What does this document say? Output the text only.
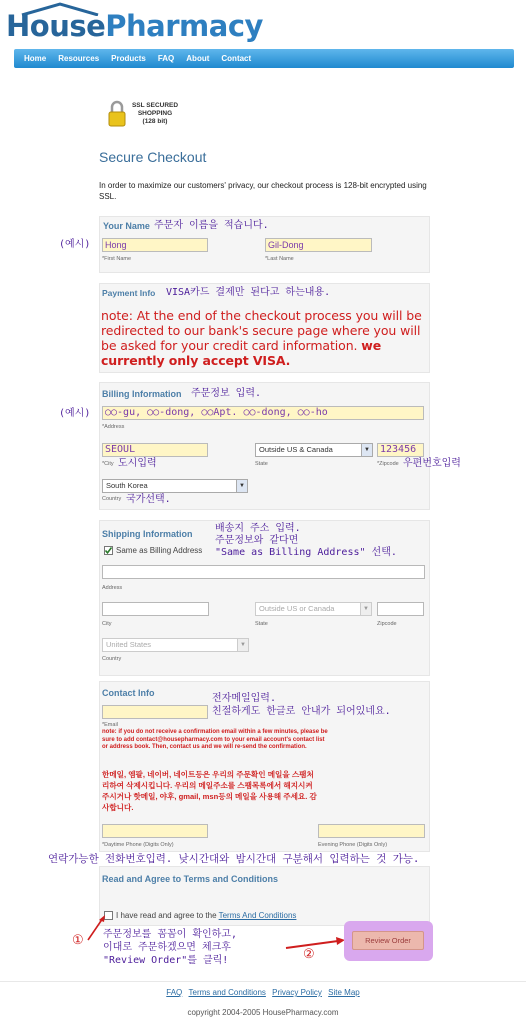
HousePharmacy
Home Resources Products FAQ About Contact
SSL SECURED
SHOPPING
(128 bit)
Secure Checkout
In order to maximize our customers' privacy, our checkout process is 128-bit encrypted using SSL.
Your Name 주문자 이름을 적습니다.
(예시)	Hong
*First Name
Gil-Dong
*Last Name
Payment Info VISA카드 결제만 된다고 하는내용.
note: At the end of the checkout process you will be redirected to our bank's secure page where you will be asked for your credit card information. we currently only accept VISA.
Billing Information 주문정보 입력.
(예시)	○○-gu, ○○-dong, ○○Apt. ○○-dong, ○○-ho
*Address
SEOUL
*City 도시입력
Outside US & Canada	▼
State
123456
*Zipcode 우편번호입력
South Korea	▼
Country 국가선택.
Shipping Information 배송지 주소 입력.
주문정보와 같다면
"Same as Billing Address" 선택.
Same as Billing Address
Address
City
Outside US or Canada	▼
State	Zipcode
United States	▼
Country
Contact Info	전자메일입력.
친절하게도 한글로 안내가 되어있네요.
*Email
note: if you do not receive a confirmation email within a few minutes, please be sure to add contact@housepharmacy.com to your email account's contact list or address book. Then, contact us and we will re-send the confirmation.
한메일, 엠팔, 네이버, 네이트등은 우리의 주문확인 메일을 스팸처리하여 삭제시킵니다. 우리의 메일주소를 스팸목록에서 해지시켜주시거나 핫메일, 야후, gmail, msn등의 메일을 사용해 주세요. 감사합니다.
*Daytime Phone (Digits Only)	Evening Phone (Digits Only)
연락가능한 전화번호입력. 낮시간대와 밤시간대 구분해서 입력하는 것 가능.
Read and Agree to Terms and Conditions
I have read and agree to the Terms And Conditions
① 주문정보를 꼼꼼이 확인하고,
이대로 주문하겠으면 체크후
"Review Order"를 클릭!	②
Review Order
FAQ Terms and Conditions Privacy Policy Site Map
copyright 2004-2005 HousePharmacy.com
